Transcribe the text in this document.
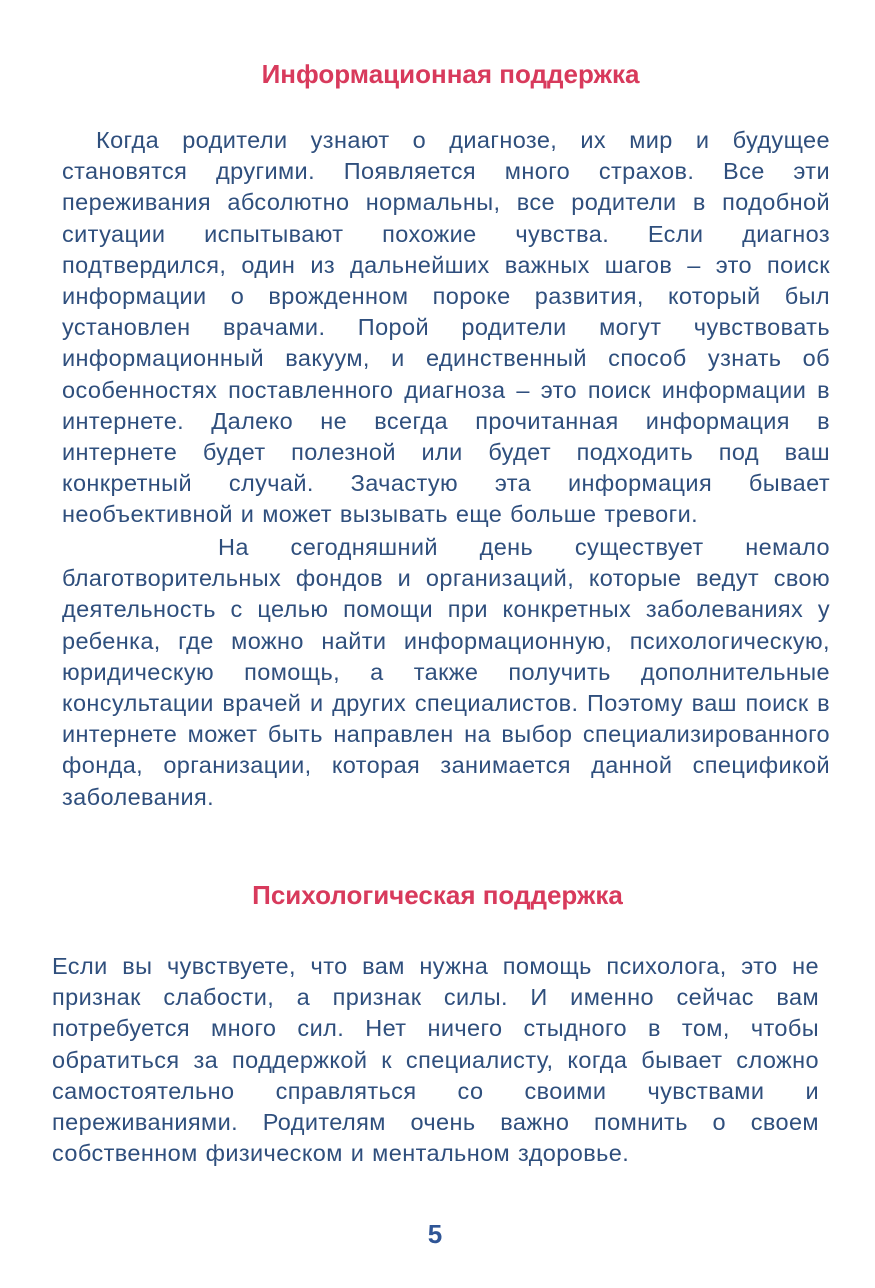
Информационная поддержка

Когда родители узнают о диагнозе, их мир и будущее становятся другими. Появляется много страхов. Все эти переживания абсолютно нормальны, все родители в подобной ситуации испытывают похожие чувства. Если диагноз подтвердился, один из дальнейших важных шагов – это поиск информации о врожденном пороке развития, который был установлен врачами. Порой родители могут чувствовать информационный вакуум, и единственный способ узнать об особенностях поставленного диагноза – это поиск информации в интернете. Далеко не всегда прочитанная информация в интернете будет полезной или будет подходить под ваш конкретный случай. Зачастую эта информация бывает необъективной и может вызывать еще больше тревоги.

На сегодняшний день существует немало благотворительных фондов и организаций, которые ведут свою деятельность с целью помощи при конкретных заболеваниях у ребенка, где можно найти информационную, психологическую, юридическую помощь, а также получить дополнительные консультации врачей и других специалистов. Поэтому ваш поиск в интернете может быть направлен на выбор специализированного фонда, организации, которая занимается данной спецификой заболевания.

Психологическая поддержка

Если вы чувствуете, что вам нужна помощь психолога, это не признак слабости, а признак силы. И именно сейчас вам потребуется много сил. Нет ничего стыдного в том, чтобы обратиться за поддержкой к специалисту, когда бывает сложно самостоятельно справляться со своими чувствами и переживаниями. Родителям очень важно помнить о своем собственном физическом и ментальном здоровье.

5
